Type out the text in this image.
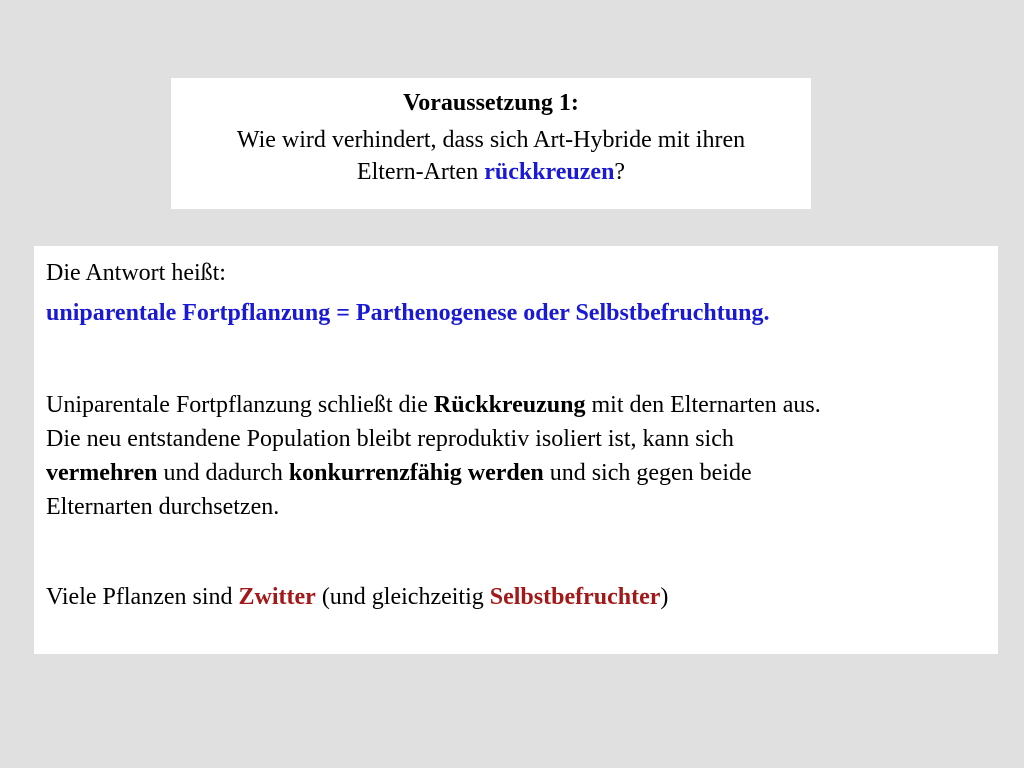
Voraussetzung 1:

Wie wird verhindert, dass sich Art-Hybride mit ihren
Eltern-Arten rückkreuzen?

Die Antwort heißt:

uniparentale Fortpflanzung = Parthenogenese oder Selbstbefruchtung.

Uniparentale Fortpflanzung schließt die Rückkreuzung mit den Elternarten aus.
Die neu entstandene Population bleibt reproduktiv isoliert ist, kann sich
vermehren und dadurch konkurrenzfähig werden und sich gegen beide
Elternarten durchsetzen.

Viele Pflanzen sind Zwitter (und gleichzeitig Selbstbefruchter)
